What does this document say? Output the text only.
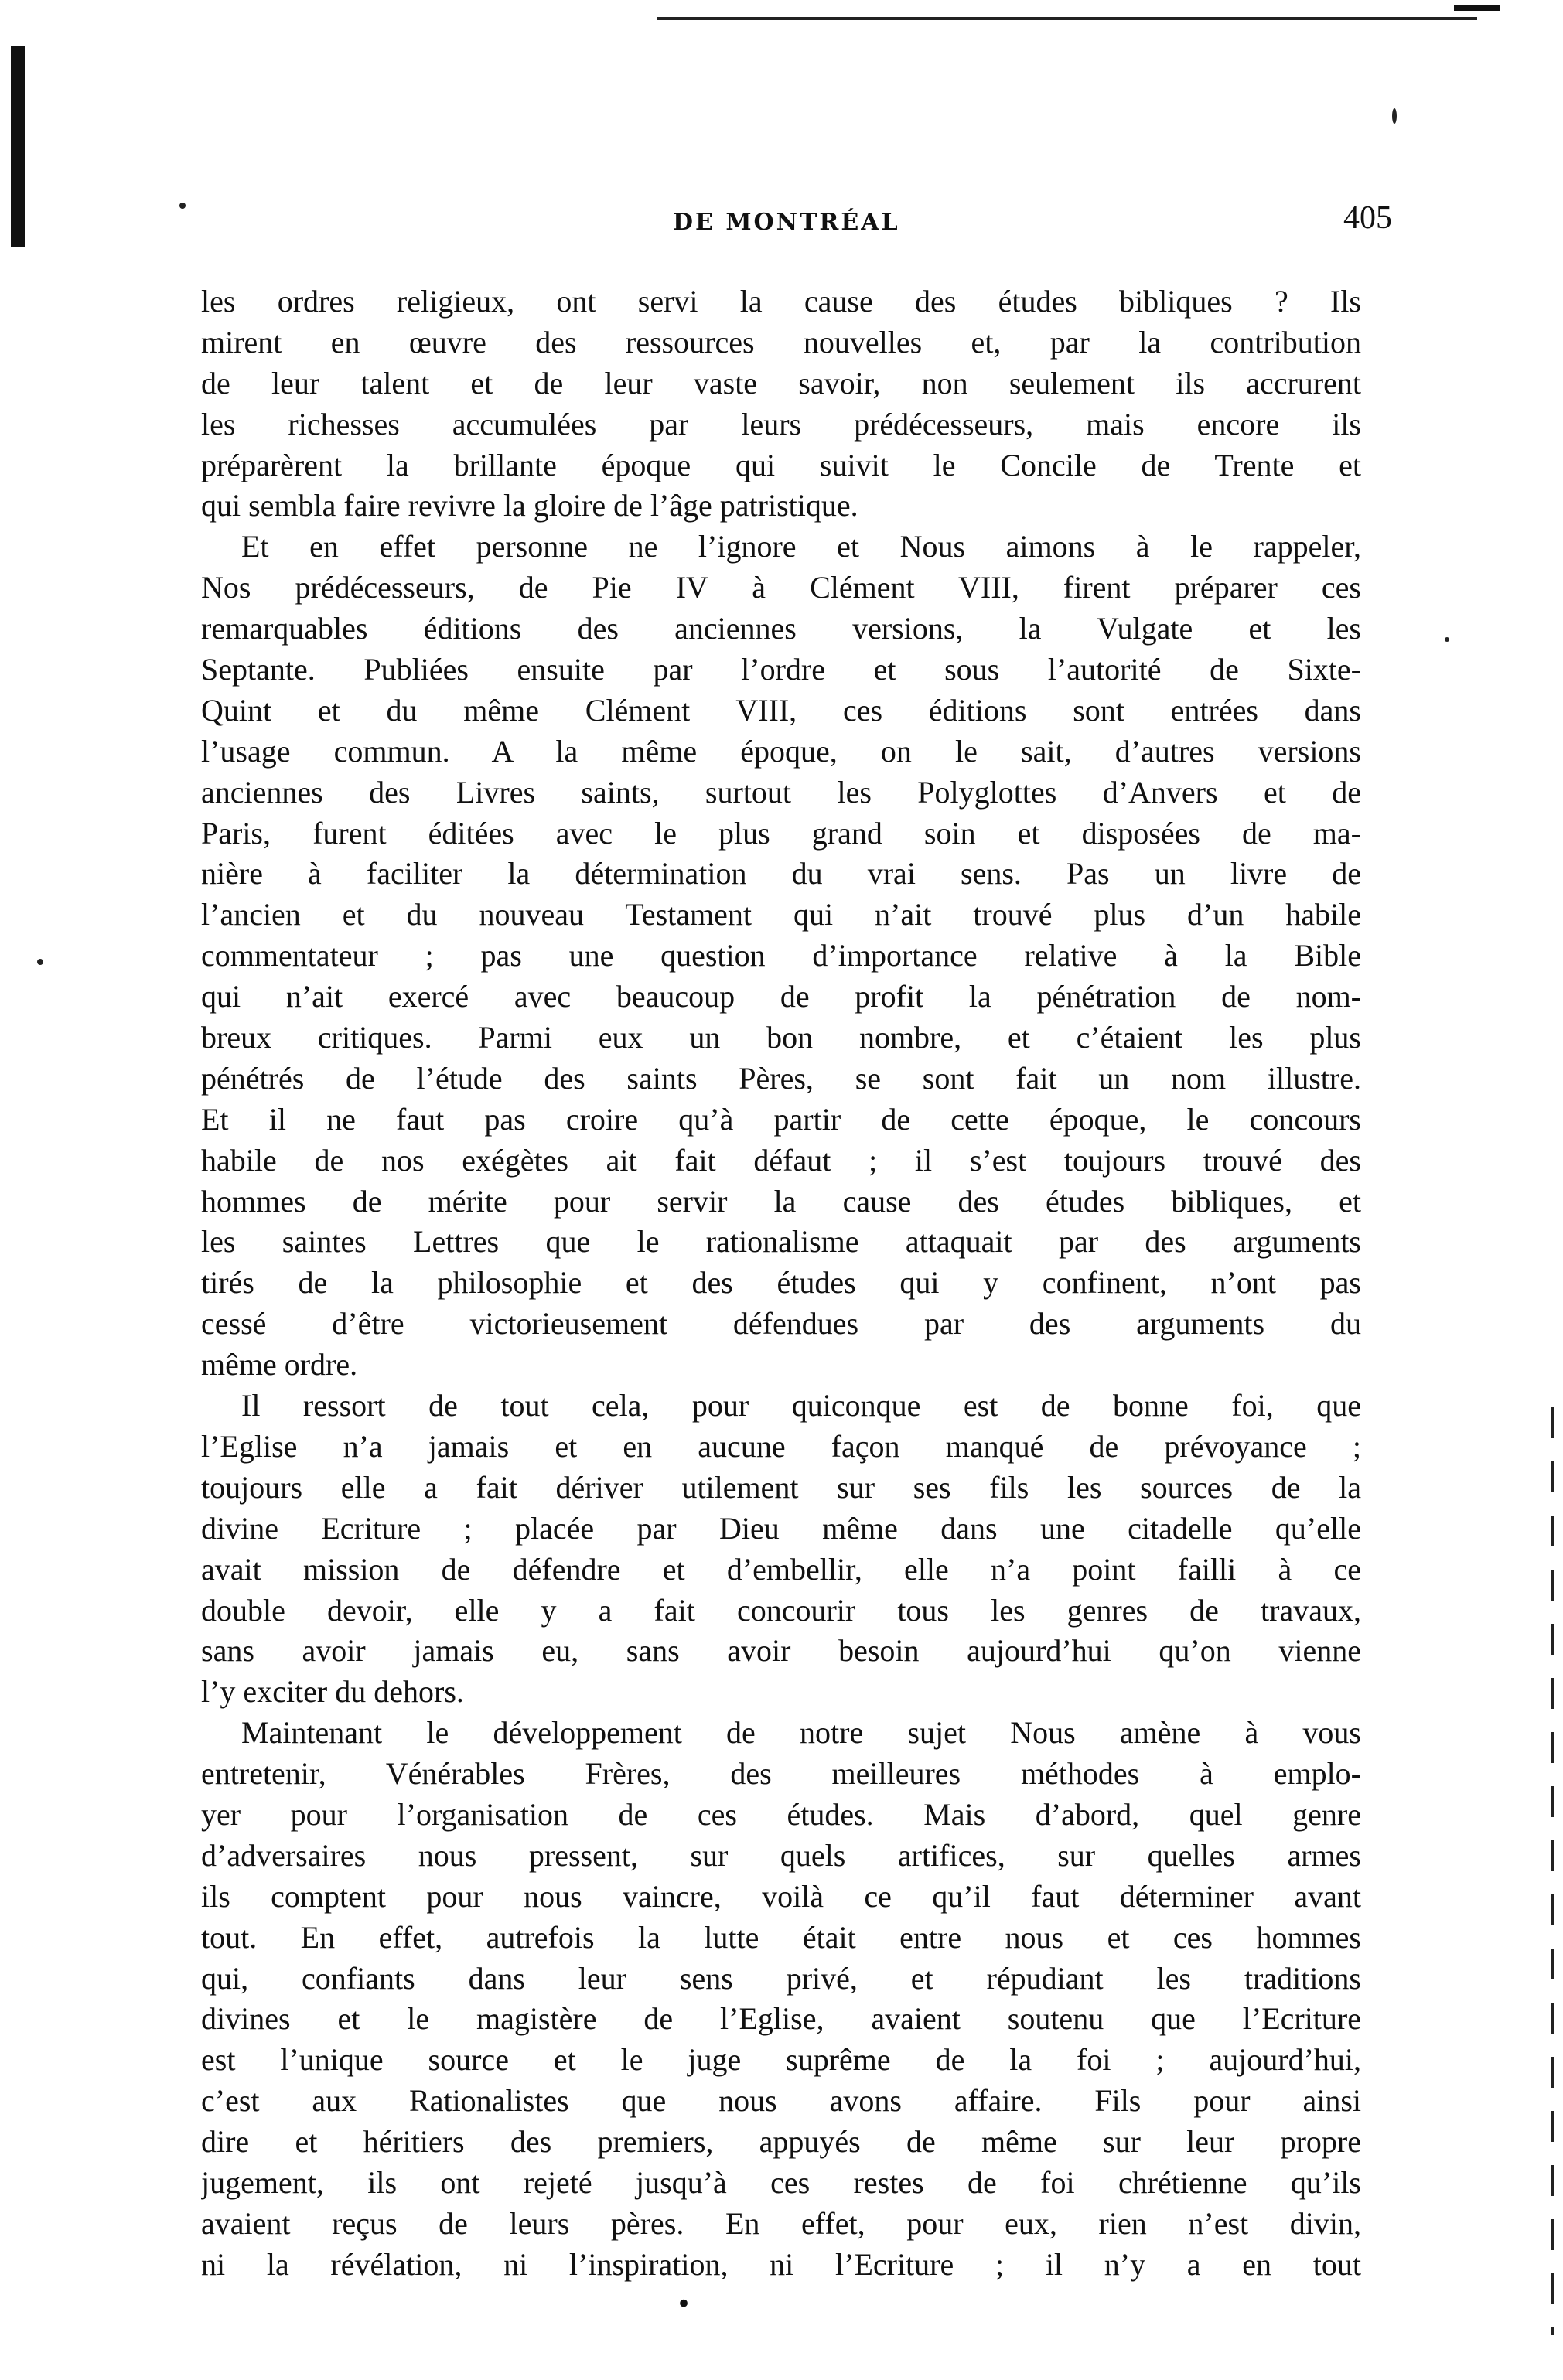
DE MONTRÉAL	405
les ordres religieux, ont servi la cause des études bibliques ? Ils
mirent en œuvre des ressources nouvelles et, par la contribution
de leur talent et de leur vaste savoir, non seulement ils accrurent
les richesses accumulées par leurs prédécesseurs, mais encore ils
préparèrent la brillante époque qui suivit le Concile de Trente et
qui sembla faire revivre la gloire de l’âge patristique.
Et en effet personne ne l’ignore et Nous aimons à le rappeler,
Nos prédécesseurs, de Pie IV à Clément VIII, firent préparer ces
remarquables éditions des anciennes versions, la Vulgate et les
Septante. Publiées ensuite par l’ordre et sous l’autorité de Sixte-
Quint et du même Clément VIII, ces éditions sont entrées dans
l’usage commun. A la même époque, on le sait, d’autres versions
anciennes des Livres saints, surtout les Polyglottes d’Anvers et de
Paris, furent éditées avec le plus grand soin et disposées de ma-
nière à faciliter la détermination du vrai sens. Pas un livre de
l’ancien et du nouveau Testament qui n’ait trouvé plus d’un habile
commentateur ; pas une question d’importance relative à la Bible
qui n’ait exercé avec beaucoup de profit la pénétration de nom-
breux critiques. Parmi eux un bon nombre, et c’étaient les plus
pénétrés de l’étude des saints Pères, se sont fait un nom illustre.
Et il ne faut pas croire qu’à partir de cette époque, le concours
habile de nos exégètes ait fait défaut ; il s’est toujours trouvé des
hommes de mérite pour servir la cause des études bibliques, et
les saintes Lettres que le rationalisme attaquait par des arguments
tirés de la philosophie et des études qui y confinent, n’ont pas
cessé d’être victorieusement défendues par des arguments du
même ordre.
Il ressort de tout cela, pour quiconque est de bonne foi, que
l’Eglise n’a jamais et en aucune façon manqué de prévoyance ;
toujours elle a fait dériver utilement sur ses fils les sources de la
divine Ecriture ; placée par Dieu même dans une citadelle qu’elle
avait mission de défendre et d’embellir, elle n’a point failli à ce
double devoir, elle y a fait concourir tous les genres de travaux,
sans avoir jamais eu, sans avoir besoin aujourd’hui qu’on vienne
l’y exciter du dehors.
Maintenant le développement de notre sujet Nous amène à vous
entretenir, Vénérables Frères, des meilleures méthodes à emplo-
yer pour l’organisation de ces études. Mais d’abord, quel genre
d’adversaires nous pressent, sur quels artifices, sur quelles armes
ils comptent pour nous vaincre, voilà ce qu’il faut déterminer avant
tout. En effet, autrefois la lutte était entre nous et ces hommes
qui, confiants dans leur sens privé, et répudiant les traditions
divines et le magistère de l’Eglise, avaient soutenu que l’Ecriture
est l’unique source et le juge suprême de la foi ; aujourd’hui,
c’est aux Rationalistes que nous avons affaire. Fils pour ainsi
dire et héritiers des premiers, appuyés de même sur leur propre
jugement, ils ont rejeté jusqu’à ces restes de foi chrétienne qu’ils
avaient reçus de leurs pères. En effet, pour eux, rien n’est divin,
ni la révélation, ni l’inspiration, ni l’Ecriture ; il n’y a en tout
•
